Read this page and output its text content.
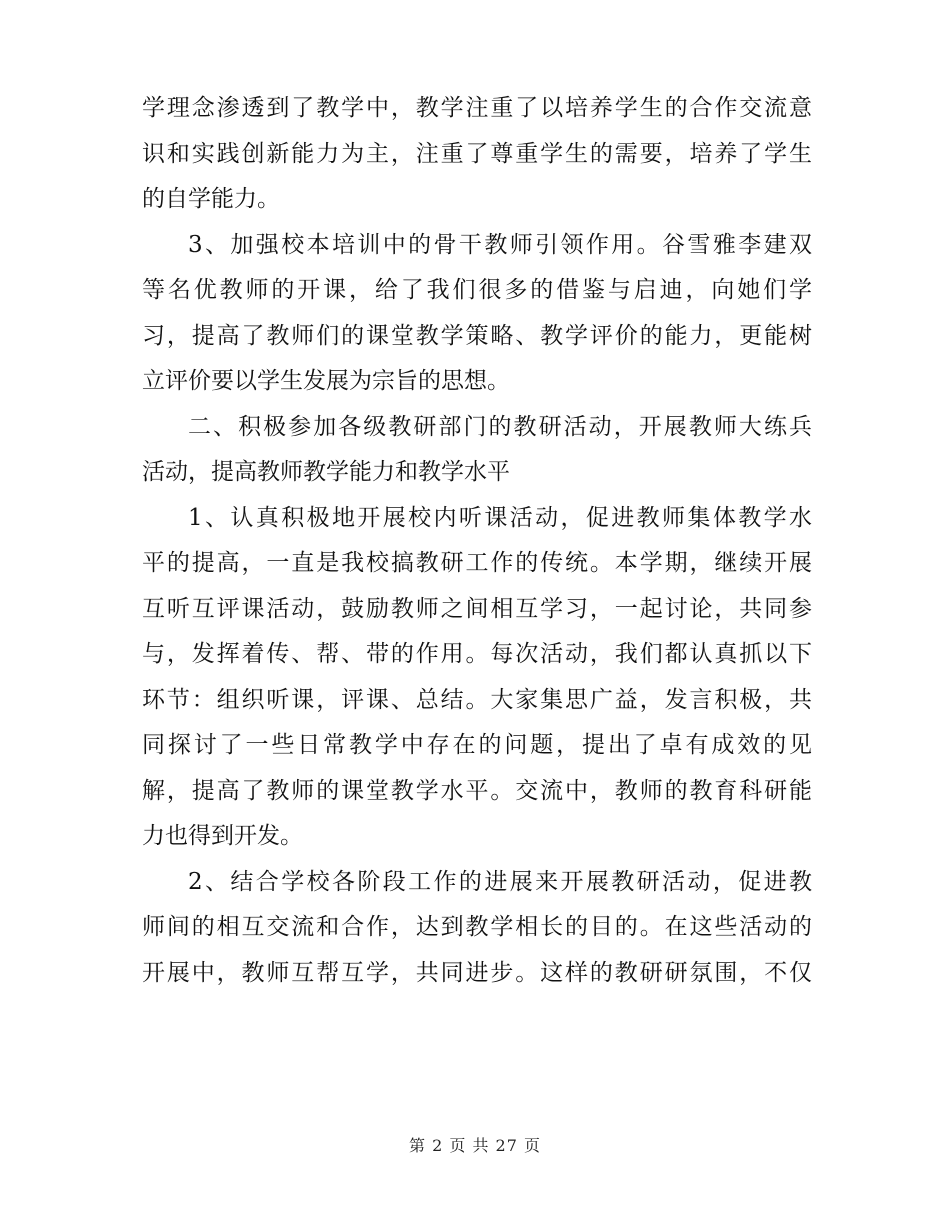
学理念渗透到了教学中，教学注重了以培养学生的合作交流意
识和实践创新能力为主，注重了尊重学生的需要，培养了学生
的自学能力。
3、加强校本培训中的骨干教师引领作用。谷雪雅李建双
等名优教师的开课，给了我们很多的借鉴与启迪，向她们学
习，提高了教师们的课堂教学策略、教学评价的能力，更能树
立评价要以学生发展为宗旨的思想。
二、积极参加各级教研部门的教研活动，开展教师大练兵
活动，提高教师教学能力和教学水平
1、认真积极地开展校内听课活动，促进教师集体教学水
平的提高，一直是我校搞教研工作的传统。本学期，继续开展
互听互评课活动，鼓励教师之间相互学习，一起讨论，共同参
与，发挥着传、帮、带的作用。每次活动，我们都认真抓以下
环节：组织听课，评课、总结。大家集思广益，发言积极，共
同探讨了一些日常教学中存在的问题，提出了卓有成效的见
解，提高了教师的课堂教学水平。交流中，教师的教育科研能
力也得到开发。
2、结合学校各阶段工作的进展来开展教研活动，促进教
师间的相互交流和合作，达到教学相长的目的。在这些活动的
开展中，教师互帮互学，共同进步。这样的教研研氛围，不仅
第 2 页 共 27 页
